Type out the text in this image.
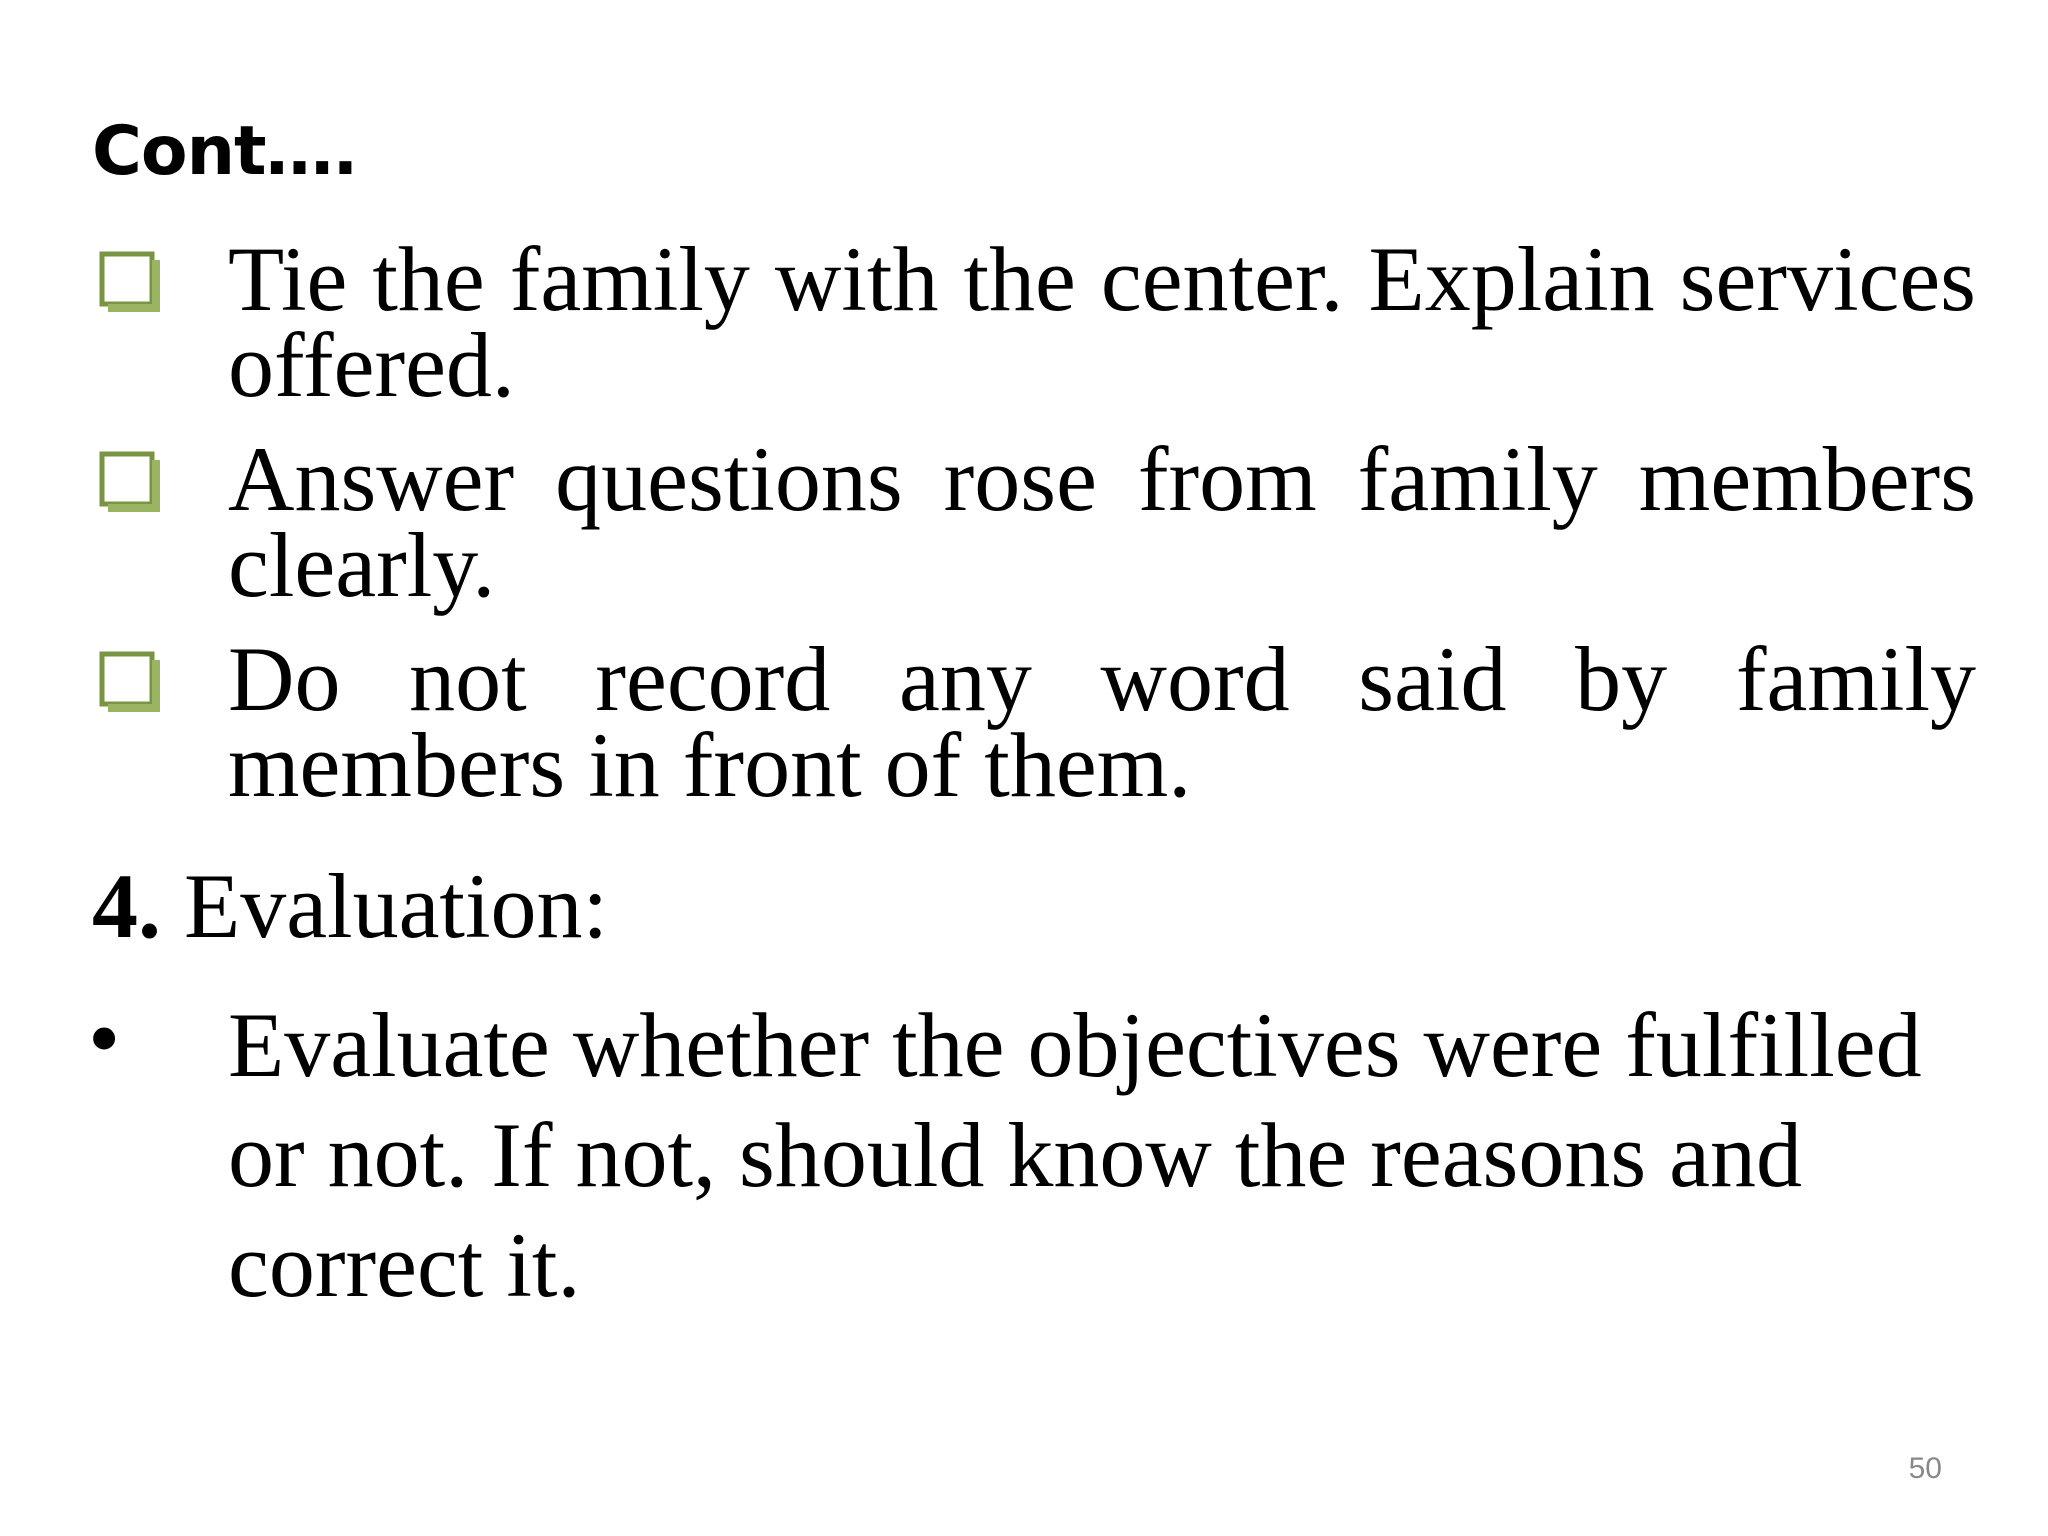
Cont….
Tie the family with the center. Explain services offered.
Answer questions rose from family members clearly.
Do not record any word said by family members in front of them.
4. Evaluation:
• Evaluate whether the objectives were fulfilled or not. If not, should know the reasons and correct it.
50
